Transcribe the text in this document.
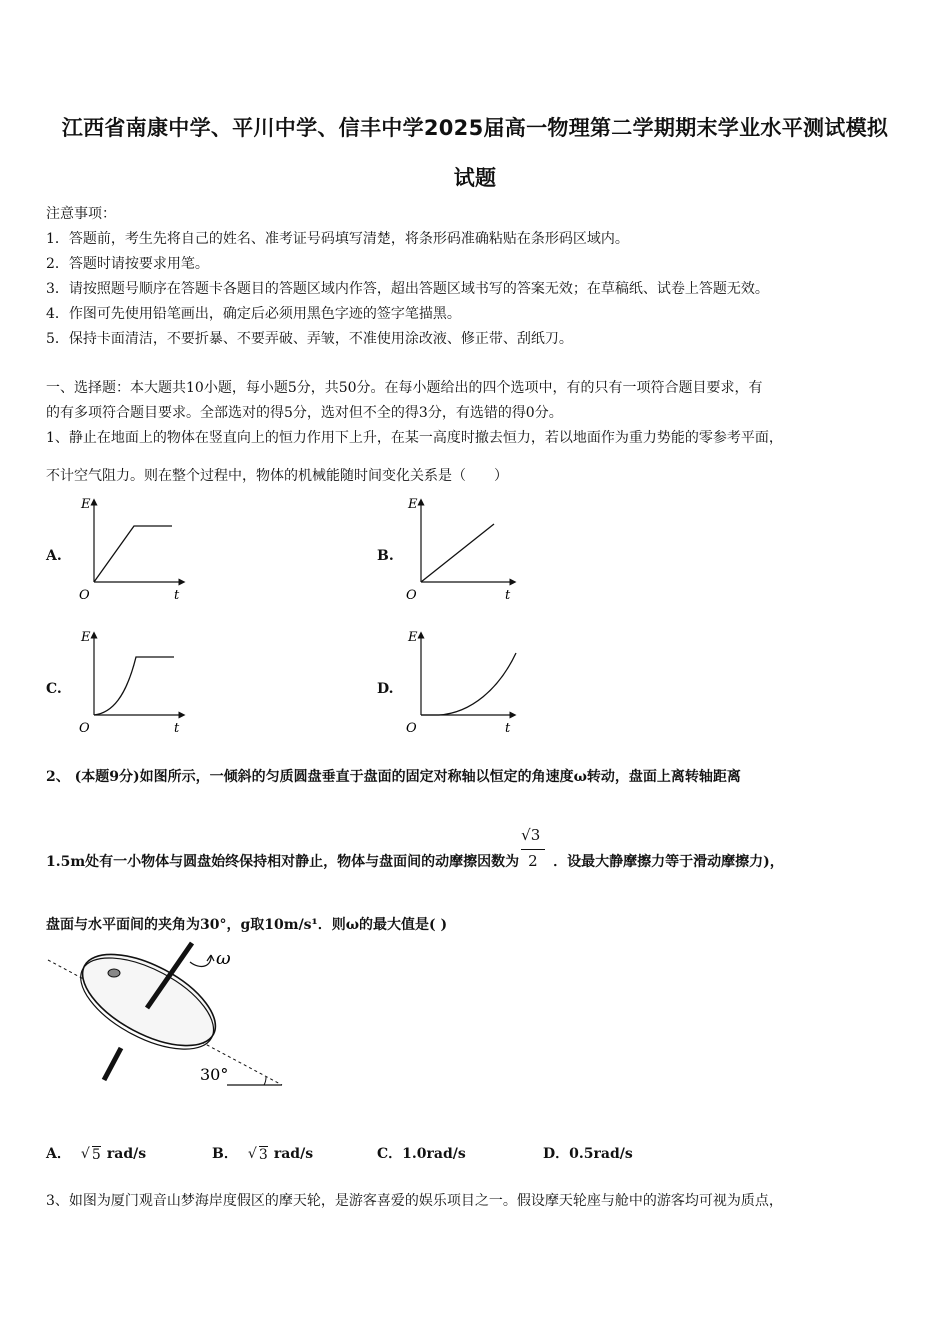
江西省南康中学、平川中学、信丰中学2025届高一物理第二学期期末学业水平测试模拟
试题
注意事项：
1．答题前，考生先将自己的姓名、准考证号码填写清楚，将条形码准确粘贴在条形码区域内。
2．答题时请按要求用笔。
3．请按照题号顺序在答题卡各题目的答题区域内作答，超出答题区域书写的答案无效；在草稿纸、试卷上答题无效。
4．作图可先使用铅笔画出，确定后必须用黑色字迹的签字笔描黑。
5．保持卡面清洁，不要折暴、不要弄破、弄皱，不准使用涂改液、修正带、刮纸刀。
一、选择题：本大题共10小题，每小题5分，共50分。在每小题给出的四个选项中，有的只有一项符合题目要求，有
的有多项符合题目要求。全部选对的得5分，选对但不全的得3分，有选错的得0分。
1、静止在地面上的物体在竖直向上的恒力作用下上升，在某一高度时撤去恒力，若以地面作为重力势能的零参考平面，
不计空气阻力。则在整个过程中，物体的机械能随时间变化关系是（　　）
A.	B.
C.	D.
E
t
O
E
t
O
E
t
O
E
t
O
2、 (本题9分)如图所示，一倾斜的匀质圆盘垂直于盘面的固定对称轴以恒定的角速度ω转动，盘面上离转轴距离
1.5m处有一小物体与圆盘始终保持相对静止，物体与盘面间的动摩擦因数为 $\frac{√3}{2}$ ．设最大静摩擦力等于滑动摩擦力)，
盘面与水平面间的夹角为30°，g取10m/s¹．则ω的最大值是( )
30°
ω
A． √ 5 rad/s	B． √ 3 rad/s	C．1.0rad/s	D．0.5rad/s
3、如图为厦门观音山梦海岸度假区的摩天轮，是游客喜爱的娱乐项目之一。假设摩天轮座与舱中的游客均可视为质点，
